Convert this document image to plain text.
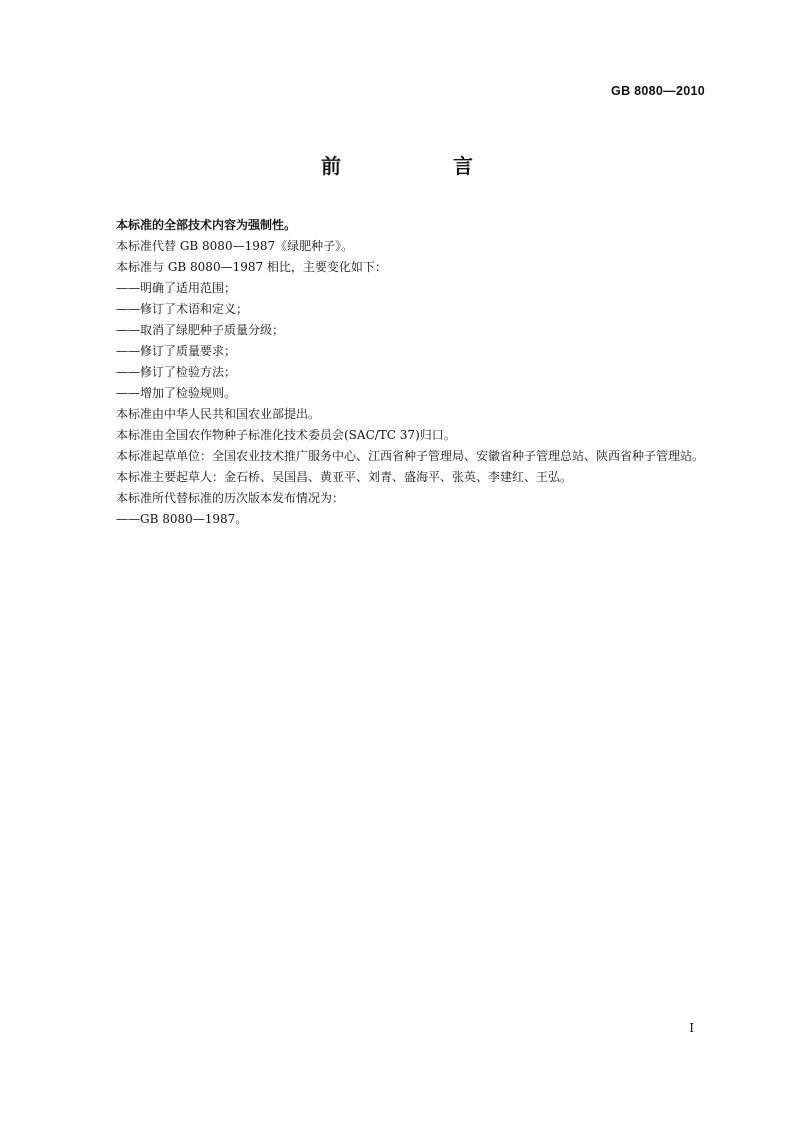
GB 8080—2010
前　言

本标准的全部技术内容为强制性。

本标准代替 GB 8080—1987《绿肥种子》。

本标准与 GB 8080—1987 相比，主要变化如下：

——明确了适用范围；

——修订了术语和定义；

——取消了绿肥种子质量分级；

——修订了质量要求；

——修订了检验方法；

——增加了检验规则。

本标准由中华人民共和国农业部提出。

本标准由全国农作物种子标准化技术委员会(SAC/TC 37)归口。

本标准起草单位：全国农业技术推广服务中心、江西省种子管理局、安徽省种子管理总站、陕西省种子管理站。

本标准主要起草人：金石桥、吴国昌、黄亚平、刘青、盛海平、张英、李建红、王弘。

本标准所代替标准的历次版本发布情况为：

——GB 8080—1987。

I
